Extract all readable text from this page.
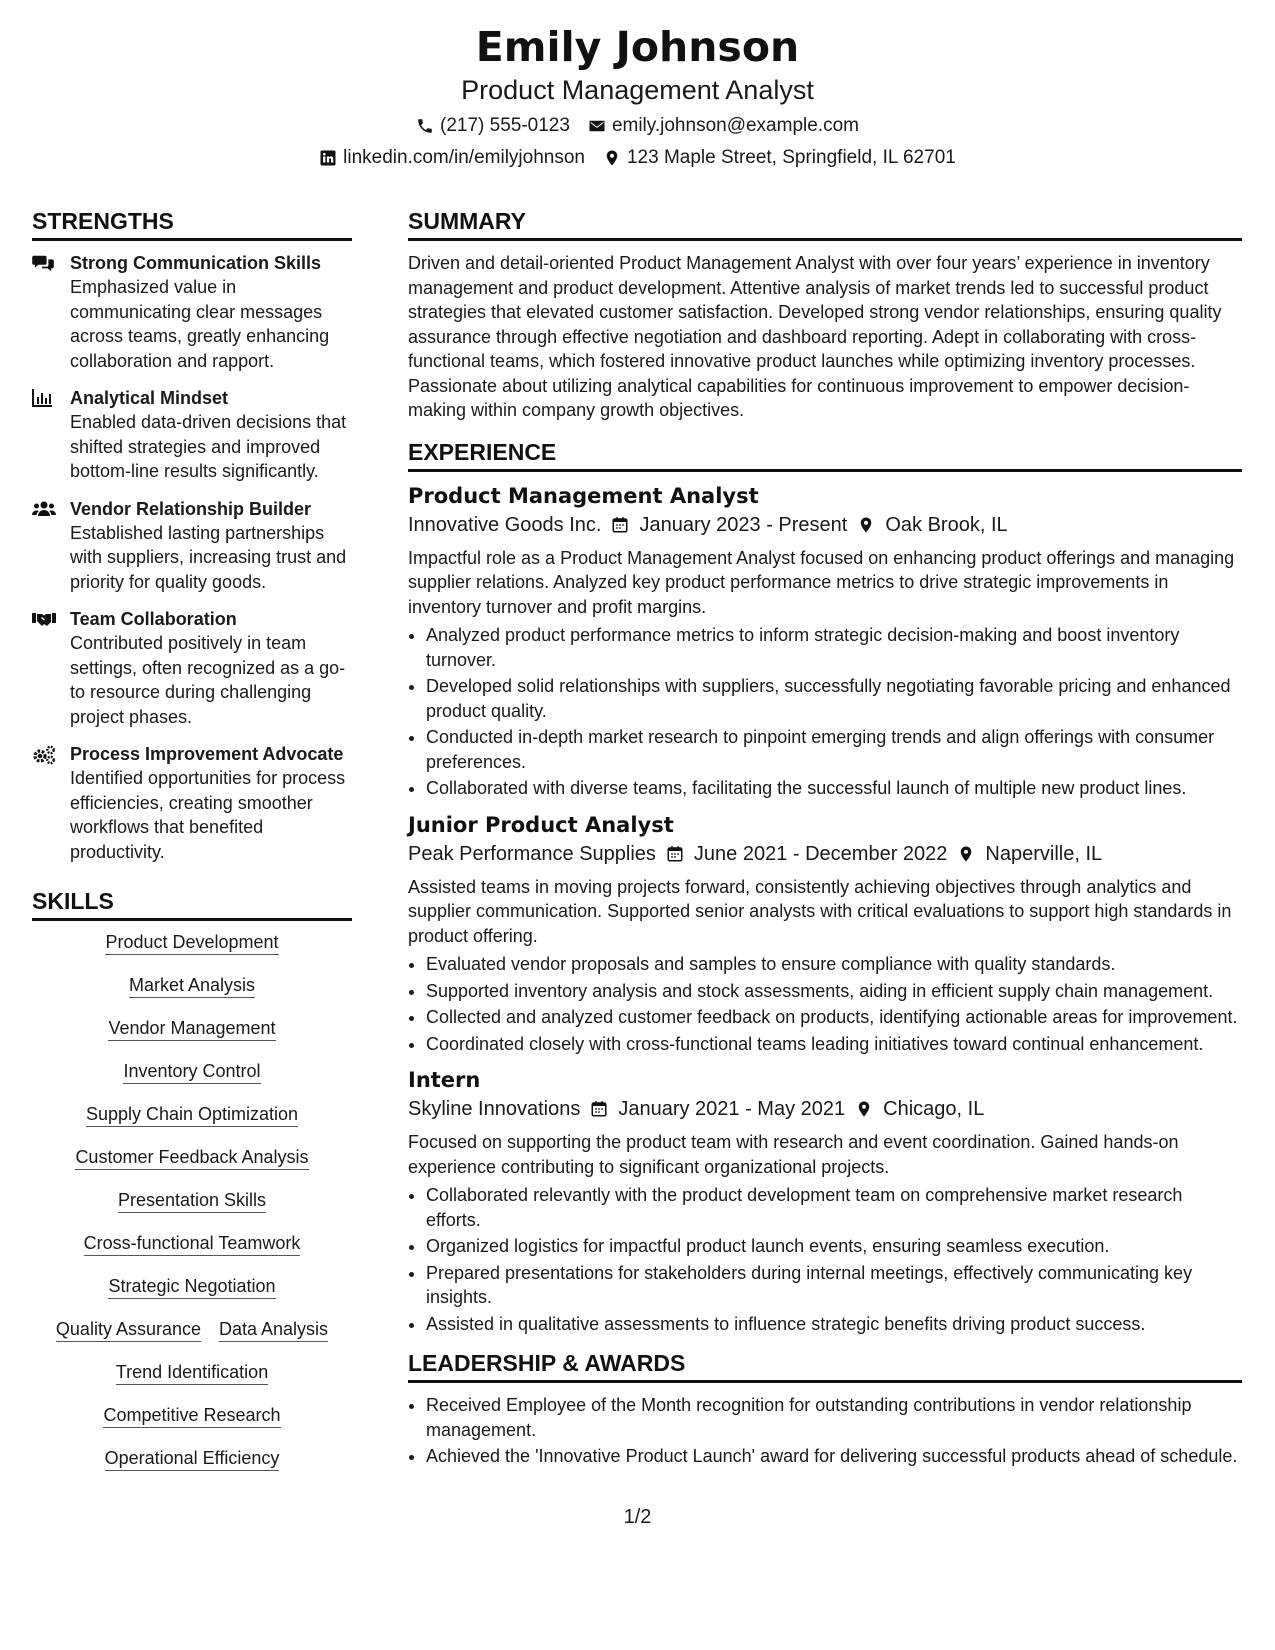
Emily Johnson
Product Management Analyst
(217) 555-0123 emily.johnson@example.com
linkedin.com/in/emilyjohnson 123 Maple Street, Springfield, IL 62701
STRENGTHS
Strong Communication Skills
Emphasized value in communicating clear messages across teams, greatly enhancing collaboration and rapport.
Analytical Mindset
Enabled data-driven decisions that shifted strategies and improved bottom-line results significantly.
Vendor Relationship Builder
Established lasting partnerships with suppliers, increasing trust and priority for quality goods.
Team Collaboration
Contributed positively in team settings, often recognized as a go-to resource during challenging project phases.
Process Improvement Advocate
Identified opportunities for process efficiencies, creating smoother workflows that benefited productivity.
SKILLS
Product Development
Market Analysis
Vendor Management
Inventory Control
Supply Chain Optimization
Customer Feedback Analysis
Presentation Skills
Cross-functional Teamwork
Strategic Negotiation
Quality Assurance Data Analysis
Trend Identification
Competitive Research
Operational Efficiency
SUMMARY
Driven and detail-oriented Product Management Analyst with over four years’ experience in inventory management and product development. Attentive analysis of market trends led to successful product strategies that elevated customer satisfaction. Developed strong vendor relationships, ensuring quality assurance through effective negotiation and dashboard reporting. Adept in collaborating with cross-functional teams, which fostered innovative product launches while optimizing inventory processes. Passionate about utilizing analytical capabilities for continuous improvement to empower decision-making within company growth objectives.
EXPERIENCE
Product Management Analyst
Innovative Goods Inc. January 2023 - Present Oak Brook, IL
Impactful role as a Product Management Analyst focused on enhancing product offerings and managing supplier relations. Analyzed key product performance metrics to drive strategic improvements in inventory turnover and profit margins.
• Analyzed product performance metrics to inform strategic decision-making and boost inventory turnover.
• Developed solid relationships with suppliers, successfully negotiating favorable pricing and enhanced product quality.
• Conducted in-depth market research to pinpoint emerging trends and align offerings with consumer preferences.
• Collaborated with diverse teams, facilitating the successful launch of multiple new product lines.
Junior Product Analyst
Peak Performance Supplies June 2021 - December 2022 Naperville, IL
Assisted teams in moving projects forward, consistently achieving objectives through analytics and supplier communication. Supported senior analysts with critical evaluations to support high standards in product offering.
• Evaluated vendor proposals and samples to ensure compliance with quality standards.
• Supported inventory analysis and stock assessments, aiding in efficient supply chain management.
• Collected and analyzed customer feedback on products, identifying actionable areas for improvement.
• Coordinated closely with cross-functional teams leading initiatives toward continual enhancement.
Intern
Skyline Innovations January 2021 - May 2021 Chicago, IL
Focused on supporting the product team with research and event coordination. Gained hands-on experience contributing to significant organizational projects.
• Collaborated relevantly with the product development team on comprehensive market research efforts.
• Organized logistics for impactful product launch events, ensuring seamless execution.
• Prepared presentations for stakeholders during internal meetings, effectively communicating key insights.
• Assisted in qualitative assessments to influence strategic benefits driving product success.
LEADERSHIP & AWARDS
• Received Employee of the Month recognition for outstanding contributions in vendor relationship management.
• Achieved the 'Innovative Product Launch' award for delivering successful products ahead of schedule.
1/2
